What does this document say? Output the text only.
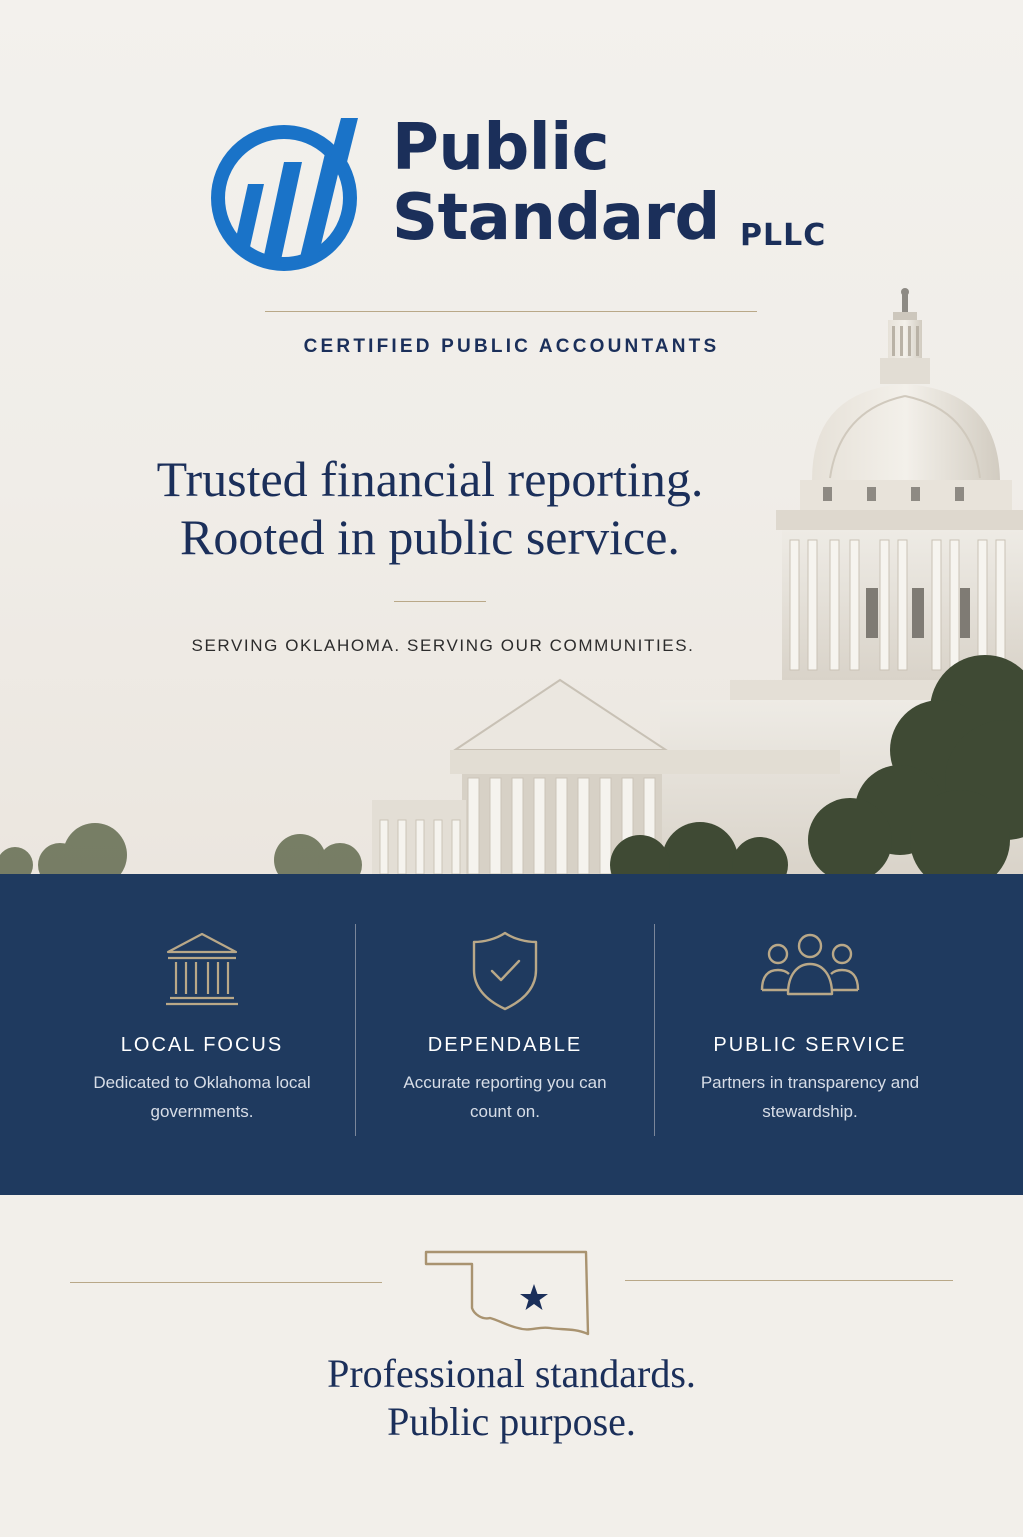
Public
Standard PLLC
CERTIFIED PUBLIC ACCOUNTANTS
Trusted financial reporting.
Rooted in public service.
SERVING OKLAHOMA. SERVING OUR COMMUNITIES.
LOCAL FOCUS
Dedicated to Oklahoma local governments.
DEPENDABLE
Accurate reporting you can count on.
PUBLIC SERVICE
Partners in transparency and stewardship.
Professional standards.
Public purpose.
